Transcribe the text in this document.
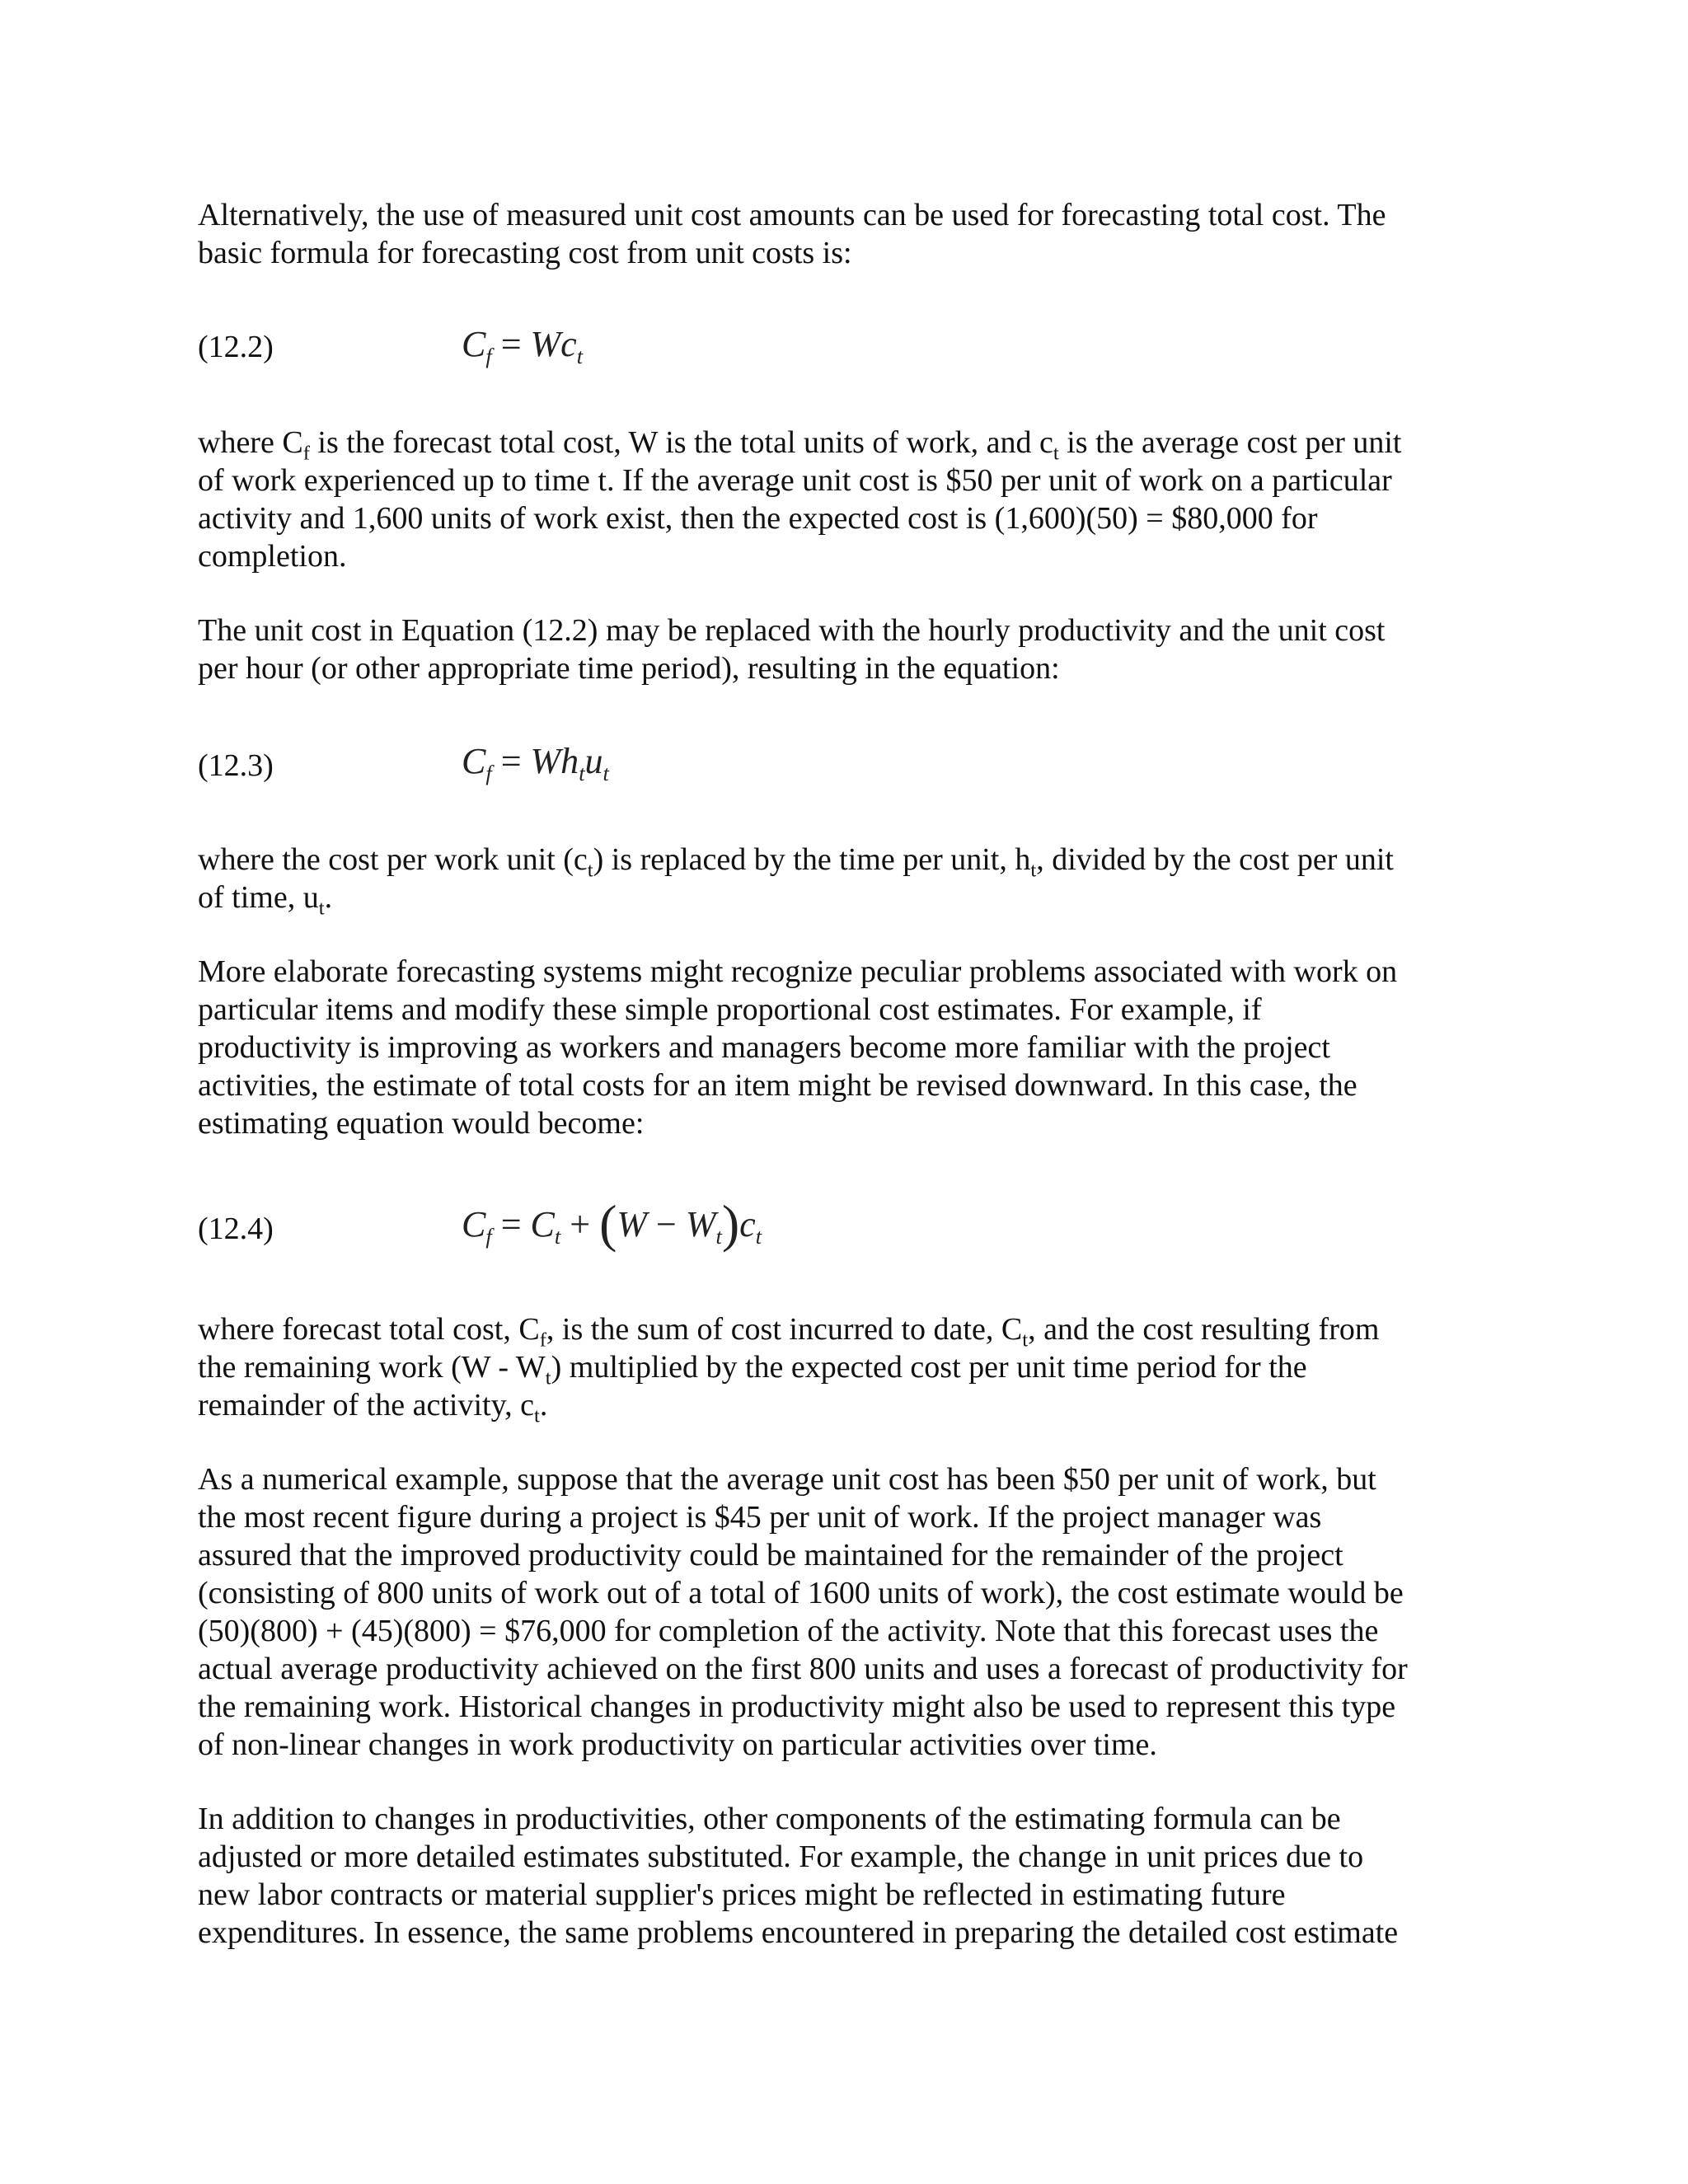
Alternatively, the use of measured unit cost amounts can be used for forecasting total cost. The
basic formula for forecasting cost from unit costs is:
(12.2)	$C_f = Wc_t$
where $C_f$ is the forecast total cost, W is the total units of work, and $c_t$ is the average cost per unit
of work experienced up to time t. If the average unit cost is $50 per unit of work on a particular
activity and 1,600 units of work exist, then the expected cost is (1,600)(50) = $80,000 for
completion.
The unit cost in Equation (12.2) may be replaced with the hourly productivity and the unit cost
per hour (or other appropriate time period), resulting in the equation:
(12.3)	$C_f = Wh_tu_t$
where the cost per work unit $(c_t)$ is replaced by the time per unit, $h_t$, divided by the cost per unit
of time, $u_t$.
More elaborate forecasting systems might recognize peculiar problems associated with work on
particular items and modify these simple proportional cost estimates. For example, if
productivity is improving as workers and managers become more familiar with the project
activities, the estimate of total costs for an item might be revised downward. In this case, the
estimating equation would become:
(12.4)	$C_f = C_t + (W - W_t)c_t$
where forecast total cost, $C_f$, is the sum of cost incurred to date, $C_t$, and the cost resulting from
the remaining work $(W - W_t)$ multiplied by the expected cost per unit time period for the
remainder of the activity, $c_t$.
As a numerical example, suppose that the average unit cost has been $50 per unit of work, but
the most recent figure during a project is $45 per unit of work. If the project manager was
assured that the improved productivity could be maintained for the remainder of the project
(consisting of 800 units of work out of a total of 1600 units of work), the cost estimate would be
(50)(800) + (45)(800) = $76,000 for completion of the activity. Note that this forecast uses the
actual average productivity achieved on the first 800 units and uses a forecast of productivity for
the remaining work. Historical changes in productivity might also be used to represent this type
of non-linear changes in work productivity on particular activities over time.
In addition to changes in productivities, other components of the estimating formula can be
adjusted or more detailed estimates substituted. For example, the change in unit prices due to
new labor contracts or material supplier's prices might be reflected in estimating future
expenditures. In essence, the same problems encountered in preparing the detailed cost estimate
